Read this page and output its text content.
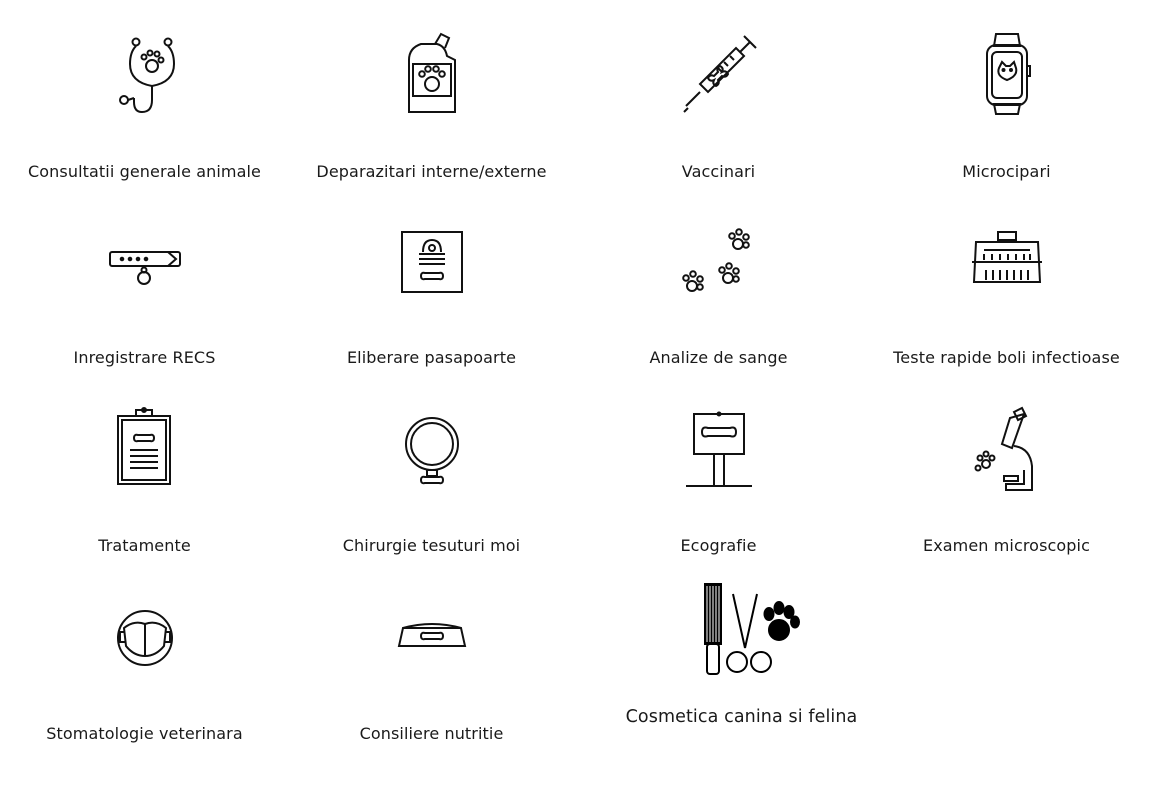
Consultatii generale animale	Deparazitari interne/externe	Vaccinari	Microcipari
Inregistrare RECS	Eliberare pasapoarte	Analize de sange	Teste rapide boli infectioase
Tratamente	Chirurgie tesuturi moi	Ecografie	Examen microscopic
Stomatologie veterinara	Consiliere nutritie
Cosmetica canina si felina
